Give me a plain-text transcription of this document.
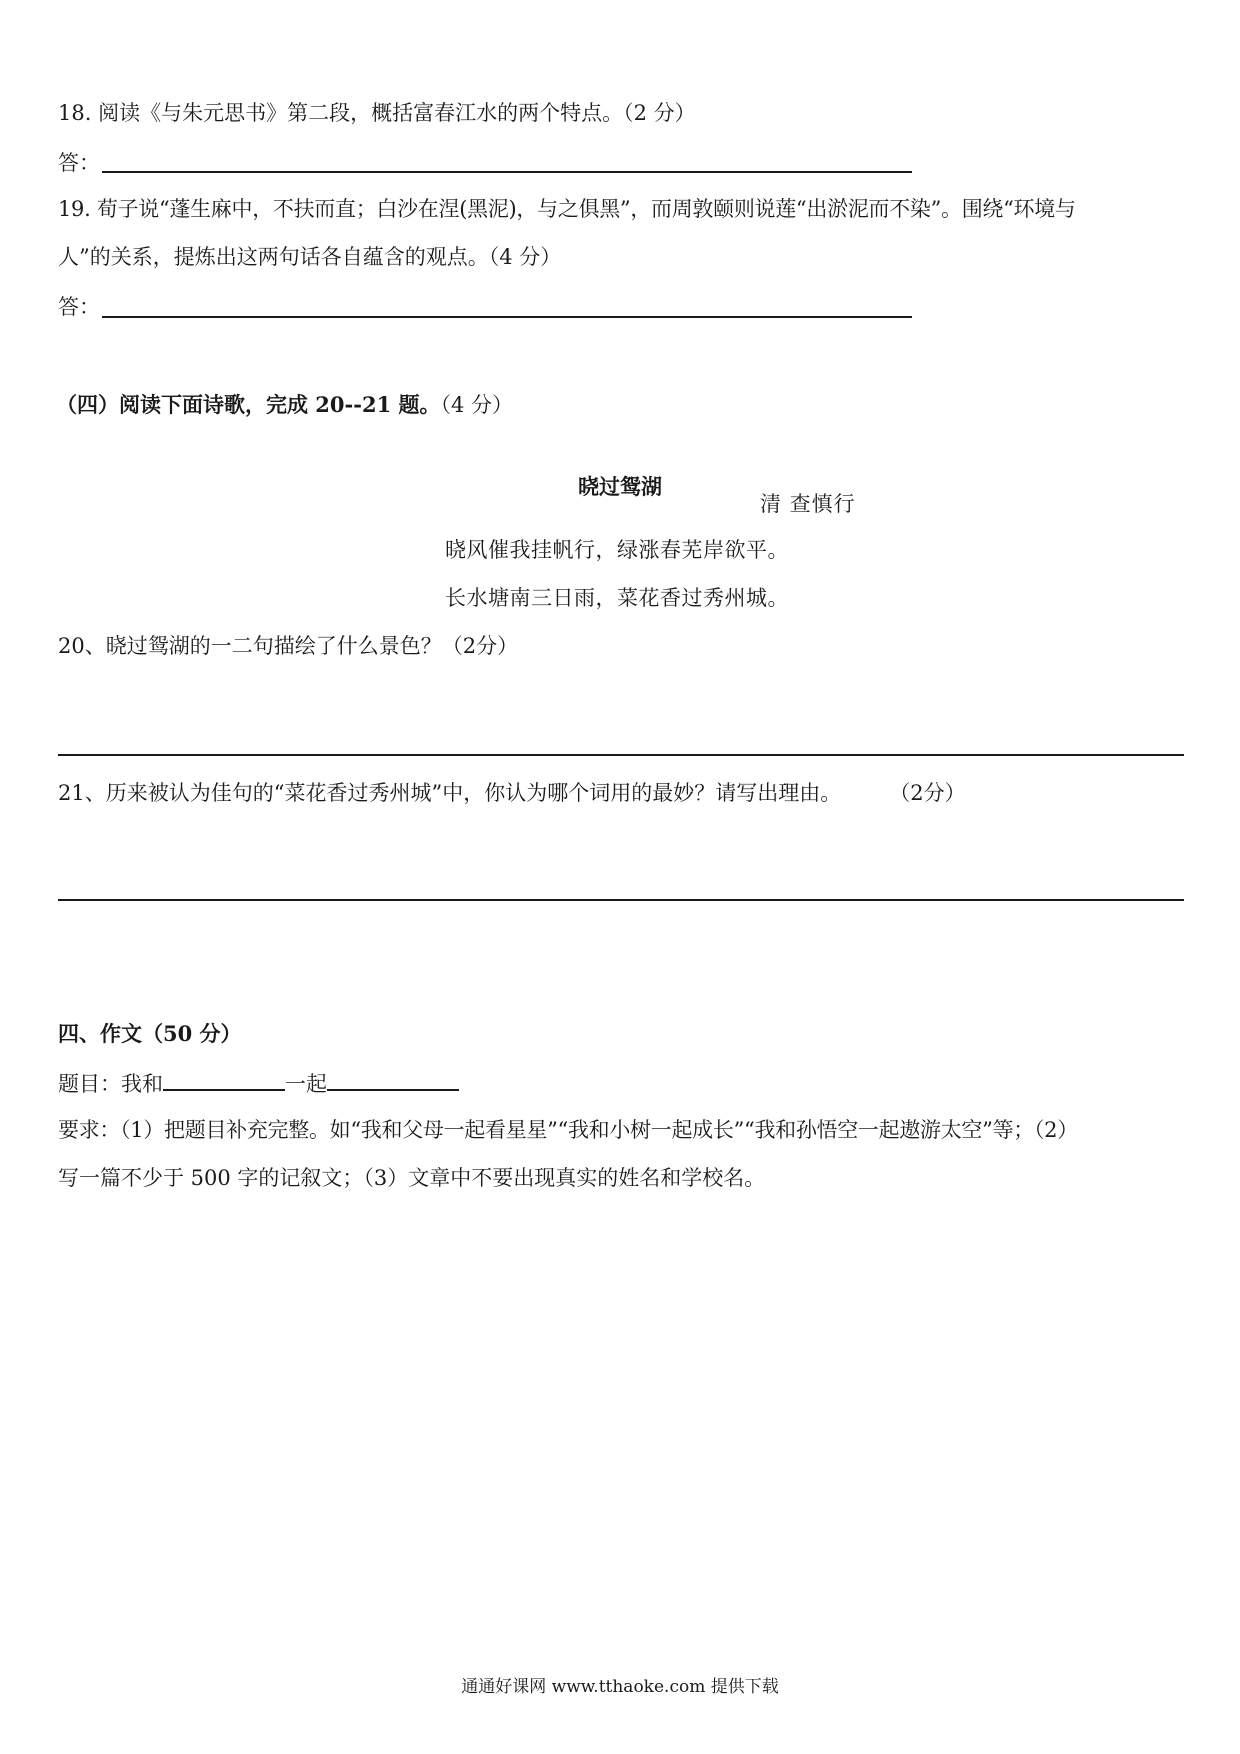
18. 阅读《与朱元思书》第二段，概括富春江水的两个特点。（2 分）
答：
19. 荀子说“蓬生麻中，不扶而直；白沙在涅(黑泥)，与之俱黑”，而周敦颐则说莲“出淤泥而不染”。围绕“环境与
人”的关系，提炼出这两句话各自蕴含的观点。（4 分）
答：
（四）阅读下面诗歌，完成 20--21 题。（4 分）
晓过鸳湖
清 查慎行
晓风催我挂帆行，绿涨春芜岸欲平。
长水塘南三日雨，菜花香过秀州城。
20、晓过鸳湖的一二句描绘了什么景色？（2分）
21、历来被认为佳句的“菜花香过秀州城”中，你认为哪个词用的最妙？请写出理由。 （2分）
四、作文（50 分）
题目：我和	一起
要求：（1）把题目补充完整。如“我和父母一起看星星”“我和小树一起成长”“我和孙悟空一起遨游太空”等；（2）
写一篇不少于 500 字的记叙文；（3）文章中不要出现真实的姓名和学校名。
通通好课网 www.tthaoke.com 提供下载
